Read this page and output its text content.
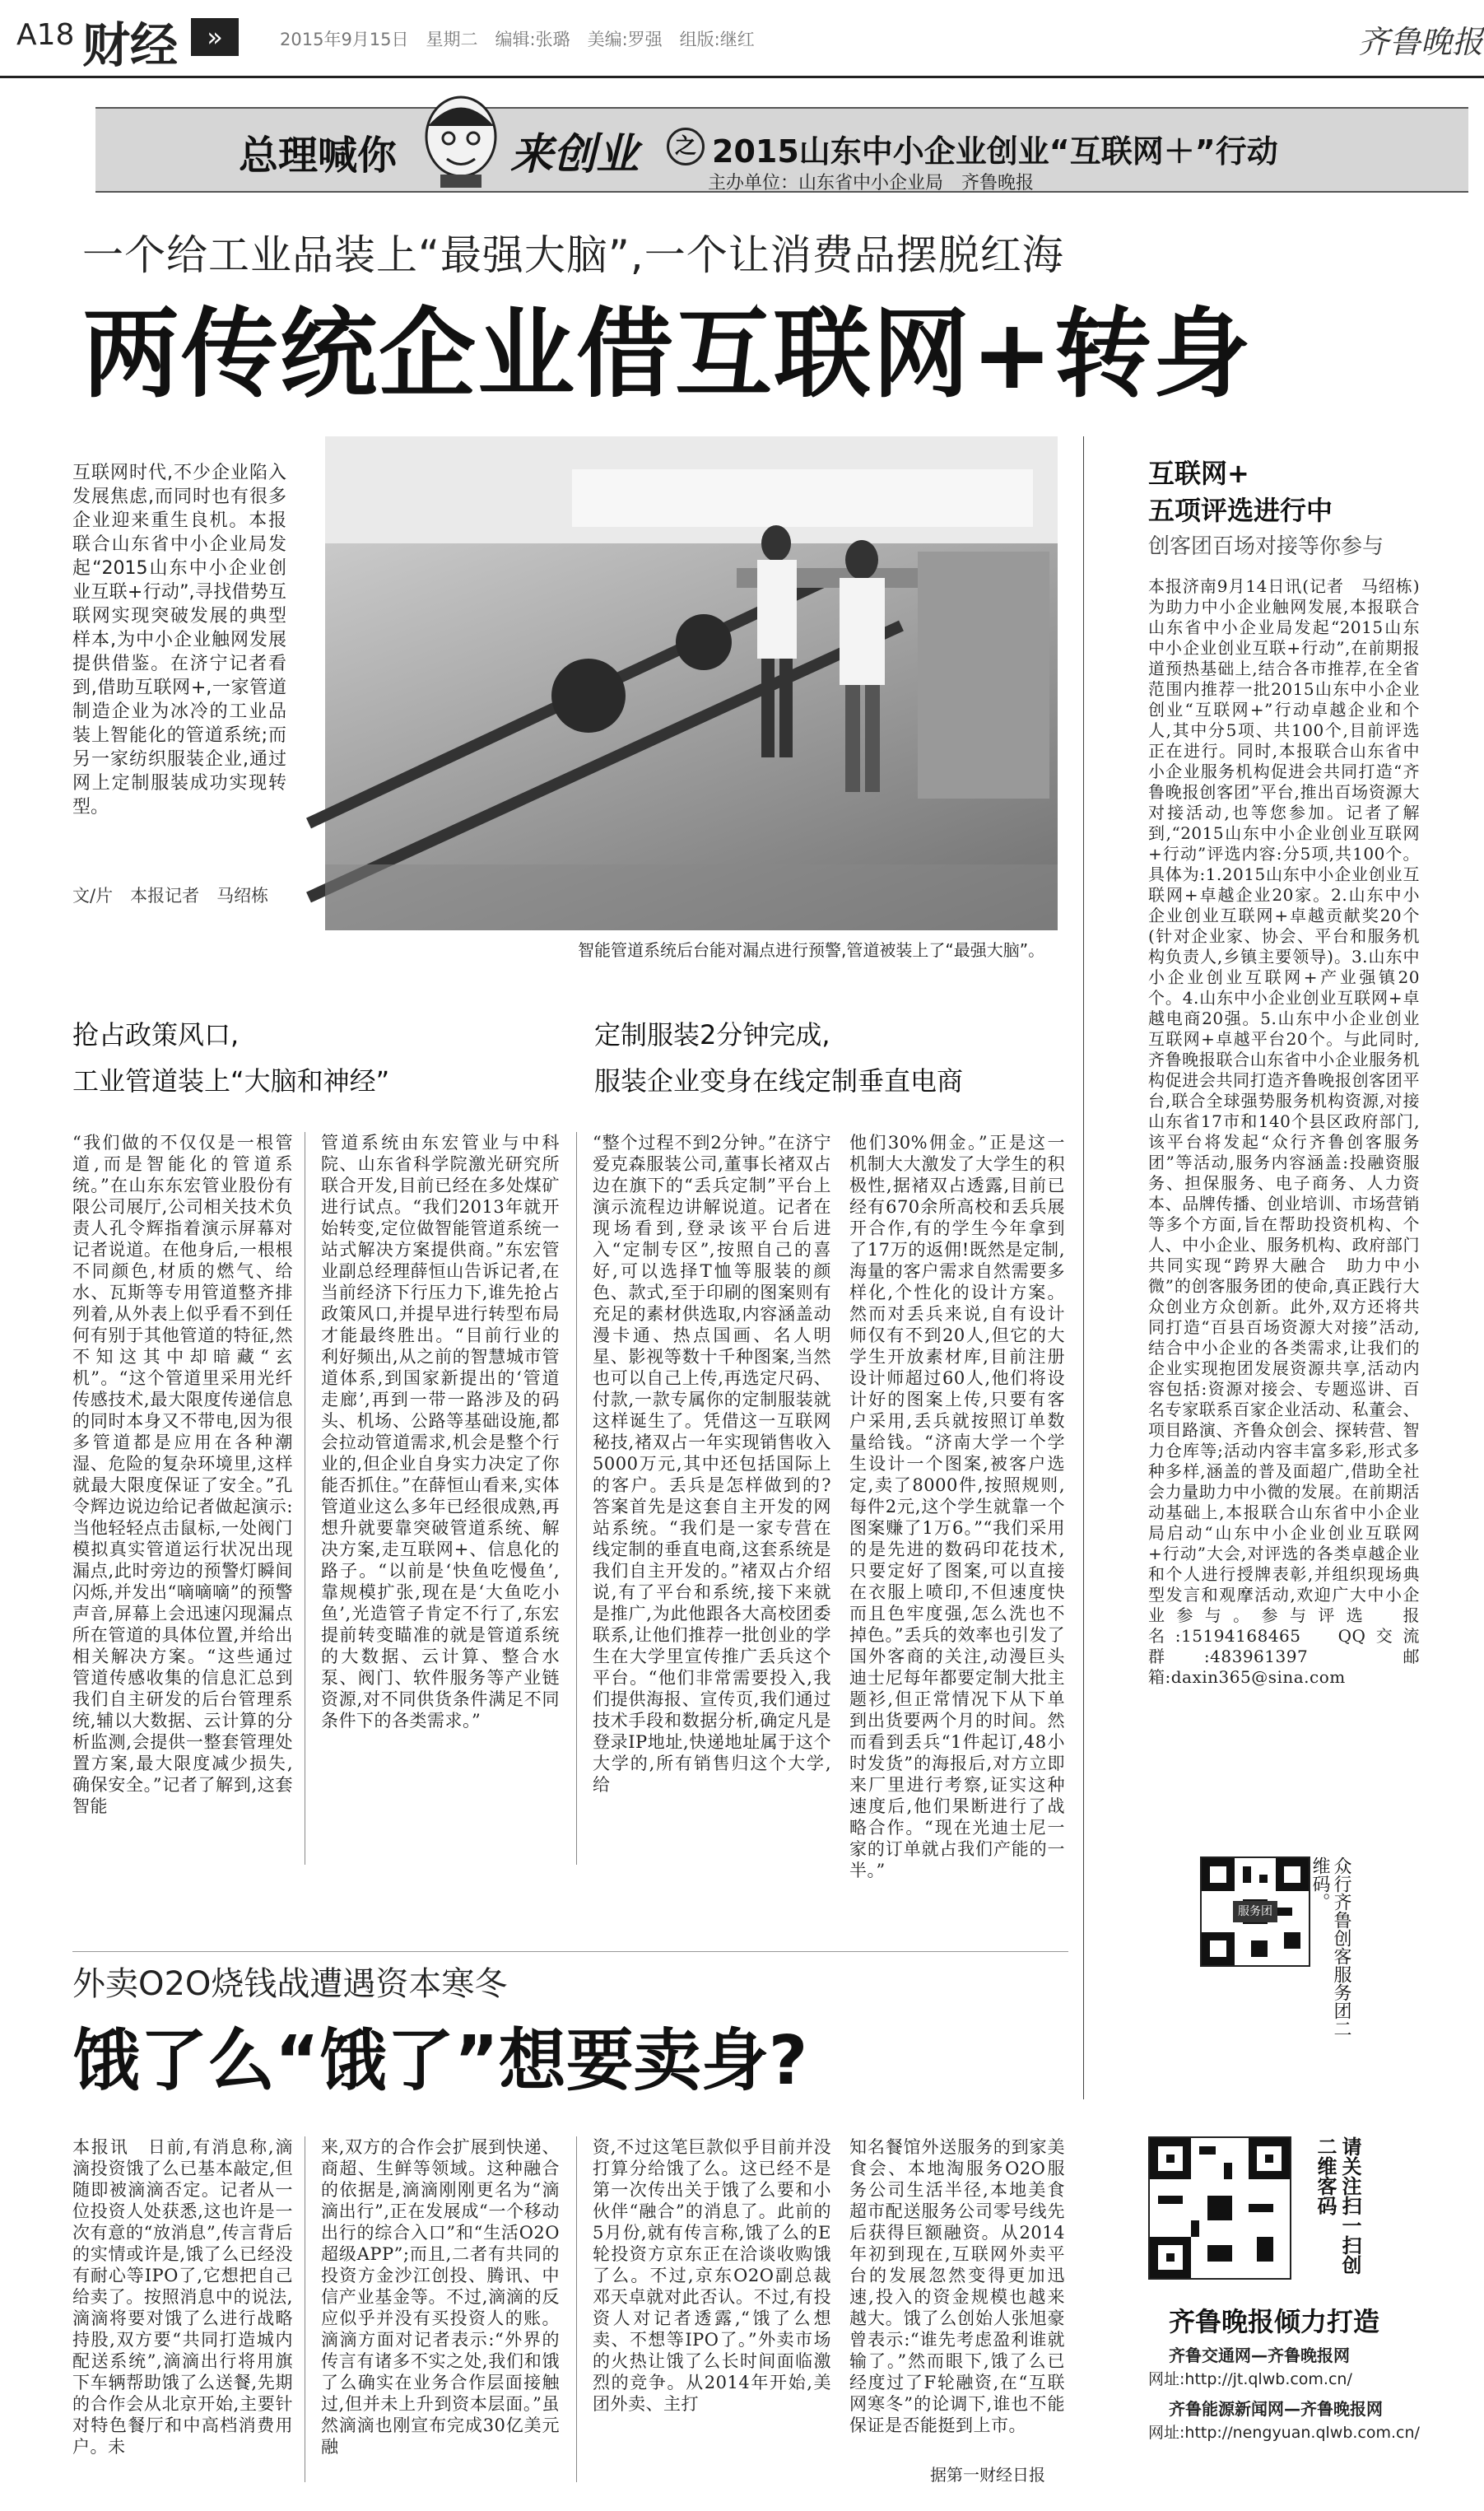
A18 财经	»	2015年9月15日　星期二　编辑:张璐　美编:罗强　组版:继红	齐鲁晚报
总理喊你	来创业	之 2015山东中小企业创业“互联网＋”行动
主办单位：山东省中小企业局　齐鲁晚报
一个给工业品装上“最强大脑”,一个让消费品摆脱红海
两传统企业借互联网+转身
互联网时代,不少企业陷入发展焦虑,而同时也有很多企业迎来重生良机。本报联合山东省中小企业局发起“2015山东中小企业创业互联+行动”,寻找借势互联网实现突破发展的典型样本,为中小企业触网发展提供借鉴。在济宁记者看到,借助互联网+,一家管道制造企业为冰冷的工业品装上智能化的管道系统;而另一家纺织服装企业,通过网上定制服装成功实现转型。
文/片　本报记者　马绍栋
智能管道系统后台能对漏点进行预警,管道被装上了“最强大脑”。
抢占政策风口,
工业管道装上“大脑和神经”
定制服装2分钟完成,
服装企业变身在线定制垂直电商
“我们做的不仅仅是一根管道,而是智能化的管道系统。”在山东东宏管业股份有限公司展厅,公司相关技术负责人孔令辉指着演示屏幕对记者说道。在他身后,一根根不同颜色,材质的燃气、给水、瓦斯等专用管道整齐排列着,从外表上似乎看不到任何有别于其他管道的特征,然不知这其中却暗藏“玄机”。“这个管道里采用光纤传感技术,最大限度传递信息的同时本身又不带电,因为很多管道都是应用在各种潮湿、危险的复杂环境里,这样就最大限度保证了安全。”孔令辉边说边给记者做起演示:当他轻轻点击鼠标,一处阀门模拟真实管道运行状况出现漏点,此时旁边的预警灯瞬间闪烁,并发出“嘀嘀嘀”的预警声音,屏幕上会迅速闪现漏点所在管道的具体位置,并给出相关解决方案。“这些通过管道传感收集的信息汇总到我们自主研发的后台管理系统,辅以大数据、云计算的分析监测,会提供一整套管理处置方案,最大限度减少损失,确保安全。”记者了解到,这套智能
管道系统由东宏管业与中科院、山东省科学院激光研究所联合开发,目前已经在多处煤矿进行试点。“我们2013年就开始转变,定位做智能管道系统一站式解决方案提供商。”东宏管业副总经理薛恒山告诉记者,在当前经济下行压力下,谁先抢占政策风口,并提早进行转型布局才能最终胜出。“目前行业的利好频出,从之前的智慧城市管道体系,到国家新提出的‘管道走廊’,再到一带一路涉及的码头、机场、公路等基础设施,都会拉动管道需求,机会是整个行业的,但企业自身实力决定了你能否抓住。”在薛恒山看来,实体管道业这么多年已经很成熟,再想升就要靠突破管道系统、解决方案,走互联网+、信息化的路子。“以前是‘快鱼吃慢鱼’,靠规模扩张,现在是‘大鱼吃小鱼’,光造管子肯定不行了,东宏提前转变瞄准的就是管道系统的大数据、云计算、整合水泵、阀门、软件服务等产业链资源,对不同供货条件满足不同条件下的各类需求。”
“整个过程不到2分钟。”在济宁爱克森服装公司,董事长褚双占边在旗下的“丢兵定制”平台上演示流程边讲解说道。记者在现场看到,登录该平台后进入“定制专区”,按照自己的喜好,可以选择T恤等服装的颜色、款式,至于印刷的图案则有充足的素材供选取,内容涵盖动漫卡通、热点国画、名人明星、影视等数十千种图案,当然也可以自己上传,再选定尺码、付款,一款专属你的定制服装就这样诞生了。凭借这一互联网秘技,褚双占一年实现销售收入5000万元,其中还包括国际上的客户。丢兵是怎样做到的?答案首先是这套自主开发的网站系统。“我们是一家专营在线定制的垂直电商,这套系统是我们自主开发的。”褚双占介绍说,有了平台和系统,接下来就是推广,为此他跟各大高校团委联系,让他们推荐一批创业的学生在大学里宣传推广丢兵这个平台。“他们非常需要投入,我们提供海报、宣传页,我们通过技术手段和数据分析,确定凡是登录IP地址,快递地址属于这个大学的,所有销售归这个大学,给
他们30%佣金。”正是这一机制大大激发了大学生的积极性,据褚双占透露,目前已经有670余所高校和丢兵展开合作,有的学生今年拿到了17万的返佣!既然是定制,海量的客户需求自然需要多样化,个性化的设计方案。然而对丢兵来说,自有设计师仅有不到20人,但它的大学生开放素材库,目前注册设计师超过60人,他们将设计好的图案上传,只要有客户采用,丢兵就按照订单数量给钱。“济南大学一个学生设计一个图案,被客户选定,卖了8000件,按照规则,每件2元,这个学生就靠一个图案赚了1万6。”“我们采用的是先进的数码印花技术,只要定好了图案,可以直接在衣服上喷印,不但速度快而且色牢度强,怎么洗也不掉色。”丢兵的效率也引发了国外客商的关注,动漫巨头迪士尼每年都要定制大批主题衫,但正常情况下从下单到出货要两个月的时间。然而看到丢兵“1件起订,48小时发货”的海报后,对方立即来厂里进行考察,证实这种速度后,他们果断进行了战略合作。“现在光迪士尼一家的订单就占我们产能的一半。”
互联网+
五项评选进行中
创客团百场对接等你参与
本报济南9月14日讯(记者　马绍栋)　为助力中小企业触网发展,本报联合山东省中小企业局发起“2015山东中小企业创业互联+行动”,在前期报道预热基础上,结合各市推荐,在全省范围内推荐一批2015山东中小企业创业“互联网+”行动卓越企业和个人,其中分5项、共100个,目前评选正在进行。同时,本报联合山东省中小企业服务机构促进会共同打造“齐鲁晚报创客团”平台,推出百场资源大对接活动,也等您参加。记者了解到,“2015山东中小企业创业互联网+行动”评选内容:分5项,共100个。具体为:1.2015山东中小企业创业互联网+卓越企业20家。2.山东中小企业创业互联网+卓越贡献奖20个(针对企业家、协会、平台和服务机构负责人,乡镇主要领导)。3.山东中小企业创业互联网+产业强镇20个。4.山东中小企业创业互联网+卓越电商20强。5.山东中小企业创业互联网+卓越平台20个。与此同时,齐鲁晚报联合山东省中小企业服务机构促进会共同打造齐鲁晚报创客团平台,联合全球强势服务机构资源,对接山东省17市和140个县区政府部门,该平台将发起“众行齐鲁创客服务团”等活动,服务内容涵盖:投融资服务、担保服务、电子商务、人力资本、品牌传播、创业培训、市场营销等多个方面,旨在帮助投资机构、个人、中小企业、服务机构、政府部门共同实现“跨界大融合　助力中小微”的创客服务团的使命,真正践行大众创业方众创新。此外,双方还将共同打造“百县百场资源大对接”活动,结合中小企业的各类需求,让我们的企业实现抱团发展资源共享,活动内容包括:资源对接会、专题巡讲、百名专家联系百家企业活动、私董会、项目路演、齐鲁众创会、探转营、智力仓库等;活动内容丰富多彩,形式多种多样,涵盖的普及面超广,借助全社会力量助力中小微的发展。在前期活动基础上,本报联合山东省中小企业局启动“山东中小企业创业互联网+行动”大会,对评选的各类卓越企业和个人进行授牌表彰,并组织现场典型发言和观摩活动,欢迎广大中小企业参与。参与评选　报名:15194168465　QQ交流群:483961397　邮箱:daxin365@sina.com
服务团	众行齐鲁创客服务团二维码。
外卖O2O烧钱战遭遇资本寒冬
饿了么“饿了”想要卖身?
本报讯　日前,有消息称,滴滴投资饿了么已基本敲定,但随即被滴滴否定。记者从一位投资人处获悉,这也许是一次有意的“放消息”,传言背后的实情或许是,饿了么已经没有耐心等IPO了,它想把自己给卖了。按照消息中的说法,滴滴将要对饿了么进行战略持股,双方要“共同打造城内配送系统”,滴滴出行将用旗下车辆帮助饿了么送餐,先期的合作会从北京开始,主要针对特色餐厅和中高档消费用户。未
来,双方的合作会扩展到快递、商超、生鲜等领域。这种融合的依据是,滴滴刚刚更名为“滴滴出行”,正在发展成“一个移动出行的综合入口”和“生活O2O超级APP”;而且,二者有共同的投资方金沙江创投、腾讯、中信产业基金等。不过,滴滴的反应似乎并没有买投资人的账。滴滴方面对记者表示:“外界的传言有诸多不实之处,我们和饿了么确实在业务合作层面接触过,但并未上升到资本层面。”虽然滴滴也刚宣布完成30亿美元融
资,不过这笔巨款似乎目前并没打算分给饿了么。这已经不是第一次传出关于饿了么要和小伙伴“融合”的消息了。此前的5月份,就有传言称,饿了么的E轮投资方京东正在洽谈收购饿了么。不过,京东O2O副总裁邓天卓就对此否认。不过,有投资人对记者透露,“饿了么想卖、不想等IPO了。”外卖市场的火热让饿了么长时间面临激烈的竞争。从2014年开始,美团外卖、主打
知名餐馆外送服务的到家美食会、本地淘服务O2O服务公司生活半径,本地美食超市配送服务公司零号线先后获得巨额融资。从2014年初到现在,互联网外卖平台的发展忽然变得更加迅速,投入的资金规模也越来越大。饿了么创始人张旭豪曾表示:“谁先考虑盈利谁就输了。”然而眼下,饿了么已经度过了F轮融资,在“互联网寒冬”的论调下,谁也不能保证是否能挺到上市。
据第一财经日报
请关注扫一扫创二维客码
齐鲁晚报倾力打造
齐鲁交通网—齐鲁晚报网
网址:http://jt.qlwb.com.cn/
齐鲁能源新闻网—齐鲁晚报网
网址:http://nengyuan.qlwb.com.cn/
